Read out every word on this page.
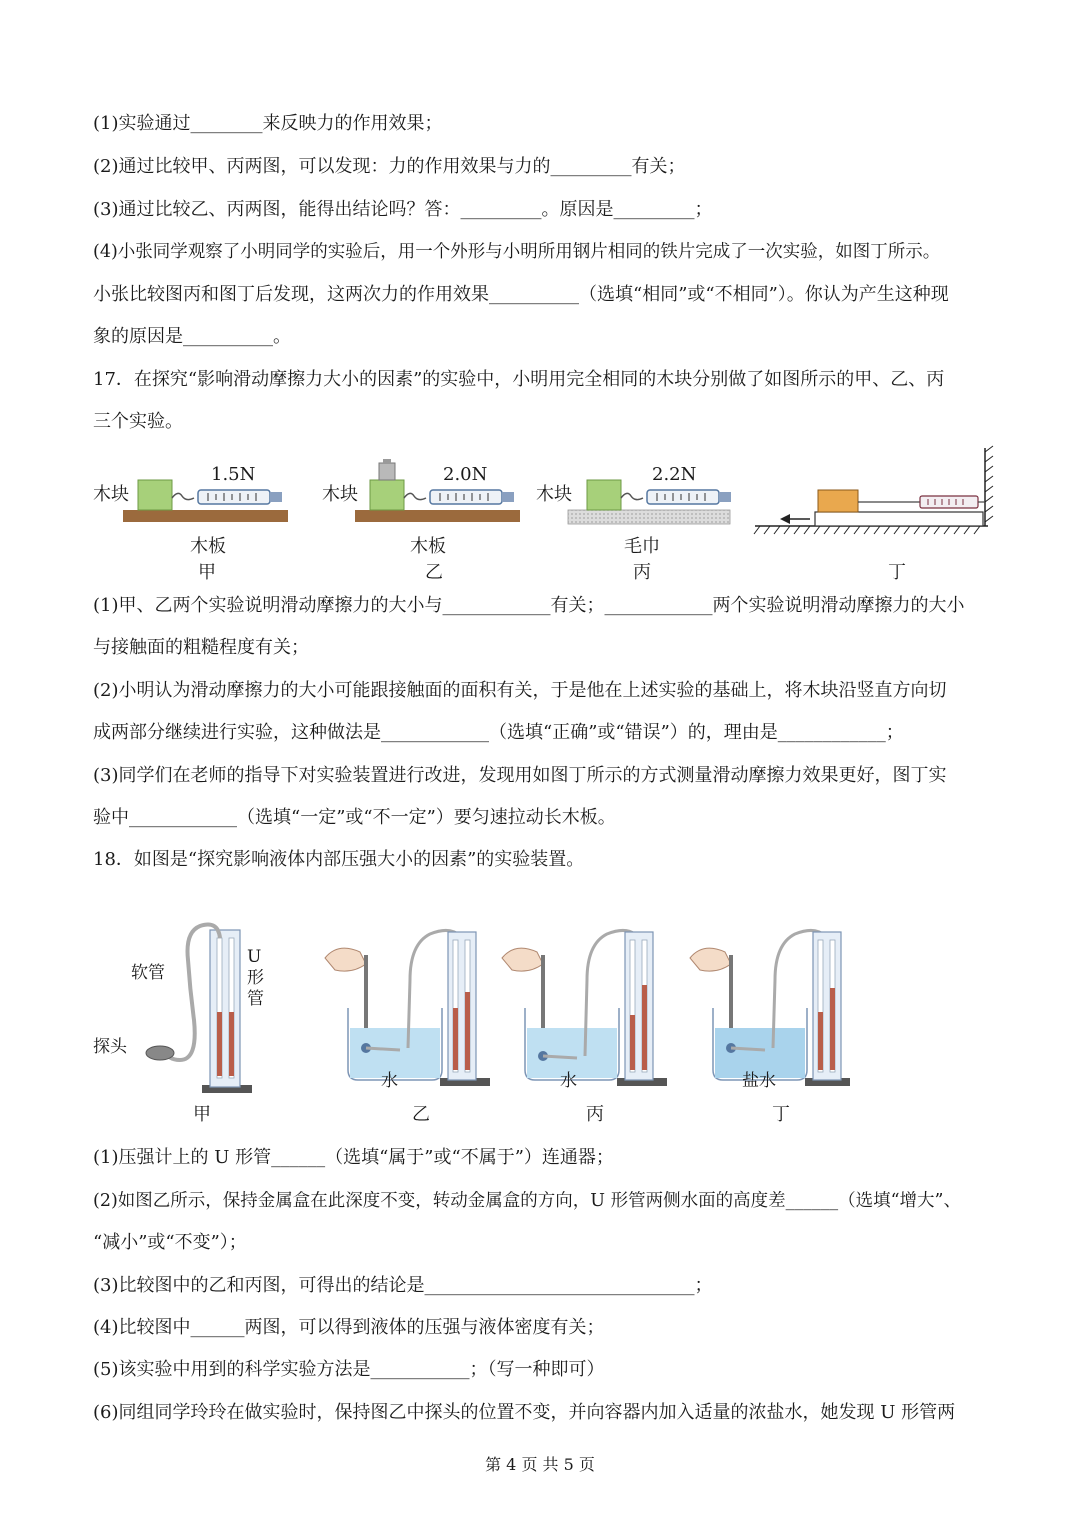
(1)实验通过________来反映力的作用效果；
(2)通过比较甲、丙两图，可以发现：力的作用效果与力的_________有关；
(3)通过比较乙、丙两图，能得出结论吗？答：_________。原因是_________；
(4)小张同学观察了小明同学的实验后，用一个外形与小明所用钢片相同的铁片完成了一次实验，如图丁所示。
小张比较图丙和图丁后发现，这两次力的作用效果__________（选填“相同”或“不相同”）。你认为产生这种现
象的原因是__________。
17．在探究“影响滑动摩擦力大小的因素”的实验中，小明用完全相同的木块分别做了如图所示的甲、乙、丙
三个实验。
木块	木块	木块
1.5N	2.0N	2.2N
木板	木板	毛巾
甲	乙	丙	丁
(1)甲、乙两个实验说明滑动摩擦力的大小与____________有关；____________两个实验说明滑动摩擦力的大小
与接触面的粗糙程度有关；
(2)小明认为滑动摩擦力的大小可能跟接触面的面积有关，于是他在上述实验的基础上，将木块沿竖直方向切
成两部分继续进行实验，这种做法是____________（选填“正确”或“错误”）的，理由是____________；
(3)同学们在老师的指导下对实验装置进行改进，发现用如图丁所示的方式测量滑动摩擦力效果更好，图丁实
验中____________（选填“一定”或“不一定”）要匀速拉动长木板。
18．如图是“探究影响液体内部压强大小的因素”的实验装置。
软管
探头
U
形
管
水	水	盐水
甲	乙	丙	丁
(1)压强计上的 U 形管______（选填“属于”或“不属于”）连通器；
(2)如图乙所示，保持金属盒在此深度不变，转动金属盒的方向，U 形管两侧水面的高度差______（选填“增大”、
“减小”或“不变”）；
(3)比较图中的乙和丙图，可得出的结论是______________________________；
(4)比较图中______两图，可以得到液体的压强与液体密度有关；
(5)该实验中用到的科学实验方法是___________；（写一种即可）
(6)同组同学玲玲在做实验时，保持图乙中探头的位置不变，并向容器内加入适量的浓盐水，她发现 U 形管两
第 4 页 共 5 页
